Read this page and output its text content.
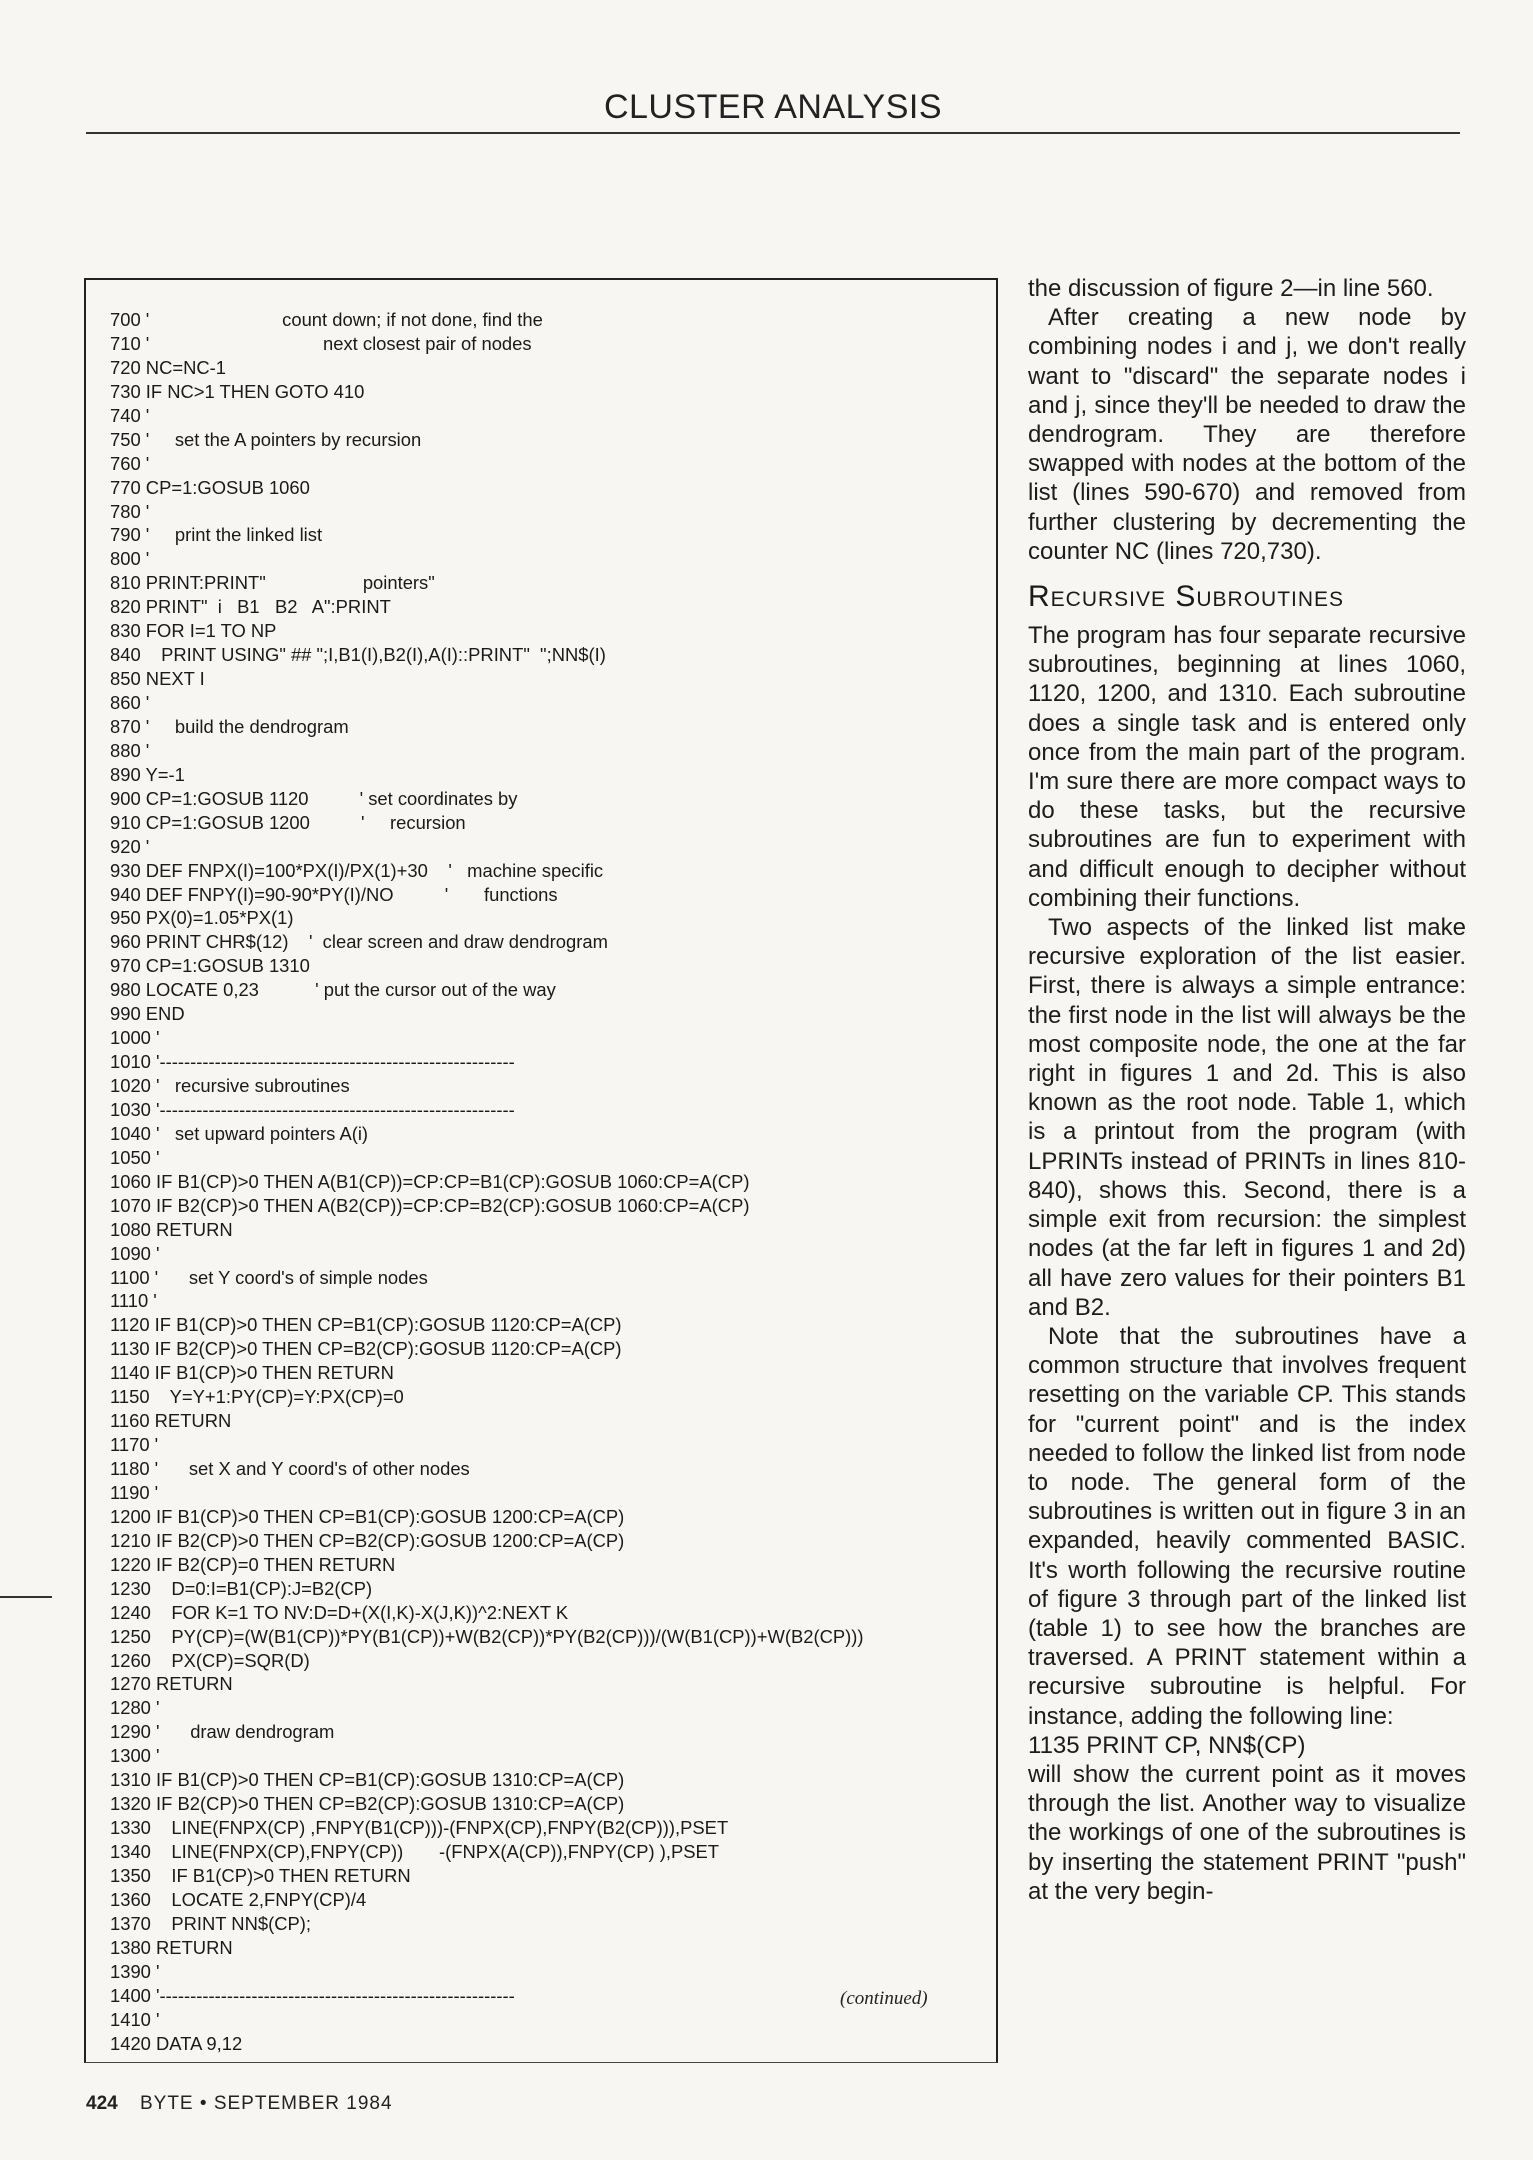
CLUSTER ANALYSIS
700 '                          count down; if not done, find the
710 '                                  next closest pair of nodes
720 NC=NC-1
730 IF NC>1 THEN GOTO 410
740 '
750 '     set the A pointers by recursion
760 '
770 CP=1:GOSUB 1060
780 '
790 '     print the linked list
800 '
810 PRINT:PRINT"                   pointers"
820 PRINT"  i   B1   B2   A":PRINT
830 FOR I=1 TO NP
840    PRINT USING" ## ";I,B1(I),B2(I),A(I)::PRINT"  ";NN$(I)
850 NEXT I
860 '
870 '     build the dendrogram
880 '
890 Y=-1
900 CP=1:GOSUB 1120          ' set coordinates by
910 CP=1:GOSUB 1200          '     recursion
920 '
930 DEF FNPX(I)=100*PX(I)/PX(1)+30    '   machine specific
940 DEF FNPY(I)=90-90*PY(I)/NO          '       functions
950 PX(0)=1.05*PX(1)
960 PRINT CHR$(12)    '  clear screen and draw dendrogram
970 CP=1:GOSUB 1310
980 LOCATE 0,23           ' put the cursor out of the way
990 END
1000 '
1010 '----------------------------------------------------------
1020 '   recursive subroutines
1030 '----------------------------------------------------------
1040 '   set upward pointers A(i)
1050 '
1060 IF B1(CP)>0 THEN A(B1(CP))=CP:CP=B1(CP):GOSUB 1060:CP=A(CP)
1070 IF B2(CP)>0 THEN A(B2(CP))=CP:CP=B2(CP):GOSUB 1060:CP=A(CP)
1080 RETURN
1090 '
1100 '      set Y coord's of simple nodes
1110 '
1120 IF B1(CP)>0 THEN CP=B1(CP):GOSUB 1120:CP=A(CP)
1130 IF B2(CP)>0 THEN CP=B2(CP):GOSUB 1120:CP=A(CP)
1140 IF B1(CP)>0 THEN RETURN
1150    Y=Y+1:PY(CP)=Y:PX(CP)=0
1160 RETURN
1170 '
1180 '      set X and Y coord's of other nodes
1190 '
1200 IF B1(CP)>0 THEN CP=B1(CP):GOSUB 1200:CP=A(CP)
1210 IF B2(CP)>0 THEN CP=B2(CP):GOSUB 1200:CP=A(CP)
1220 IF B2(CP)=0 THEN RETURN
1230    D=0:I=B1(CP):J=B2(CP)
1240    FOR K=1 TO NV:D=D+(X(I,K)-X(J,K))^2:NEXT K
1250    PY(CP)=(W(B1(CP))*PY(B1(CP))+W(B2(CP))*PY(B2(CP)))/(W(B1(CP))+W(B2(CP)))
1260    PX(CP)=SQR(D)
1270 RETURN
1280 '
1290 '      draw dendrogram
1300 '
1310 IF B1(CP)>0 THEN CP=B1(CP):GOSUB 1310:CP=A(CP)
1320 IF B2(CP)>0 THEN CP=B2(CP):GOSUB 1310:CP=A(CP)
1330    LINE(FNPX(CP) ,FNPY(B1(CP)))-(FNPX(CP),FNPY(B2(CP))),PSET
1340    LINE(FNPX(CP),FNPY(CP))       -(FNPX(A(CP)),FNPY(CP) ),PSET
1350    IF B1(CP)>0 THEN RETURN
1360    LOCATE 2,FNPY(CP)/4
1370    PRINT NN$(CP);
1380 RETURN
1390 '
1400 '----------------------------------------------------------
1410 '
1420 DATA 9,12
(continued)

the discussion of figure 2—in line 560.

After creating a new node by combining nodes i and j, we don't really want to "discard" the separate nodes i and j, since they'll be needed to draw the dendrogram. They are therefore swapped with nodes at the bottom of the list (lines 590-670) and removed from further clustering by decrementing the counter NC (lines 720,730).

Recursive Subroutines

The program has four separate recursive subroutines, beginning at lines 1060, 1120, 1200, and 1310. Each subroutine does a single task and is entered only once from the main part of the program. I'm sure there are more compact ways to do these tasks, but the recursive subroutines are fun to experiment with and difficult enough to decipher without combining their functions.

Two aspects of the linked list make recursive exploration of the list easier. First, there is always a simple entrance: the first node in the list will always be the most composite node, the one at the far right in figures 1 and 2d. This is also known as the root node. Table 1, which is a printout from the program (with LPRINTs instead of PRINTs in lines 810-840), shows this. Second, there is a simple exit from recursion: the simplest nodes (at the far left in figures 1 and 2d) all have zero values for their pointers B1 and B2.

Note that the subroutines have a common structure that involves frequent resetting on the variable CP. This stands for "current point" and is the index needed to follow the linked list from node to node. The general form of the subroutines is written out in figure 3 in an expanded, heavily commented BASIC. It's worth following the recursive routine of figure 3 through part of the linked list (table 1) to see how the branches are traversed. A PRINT statement within a recursive subroutine is helpful. For instance, adding the following line:

1135 PRINT CP, NN$(CP)

will show the current point as it moves through the list. Another way to visualize the workings of one of the subroutines is by inserting the statement PRINT "push" at the very begin-

424 BYTE • SEPTEMBER 1984
